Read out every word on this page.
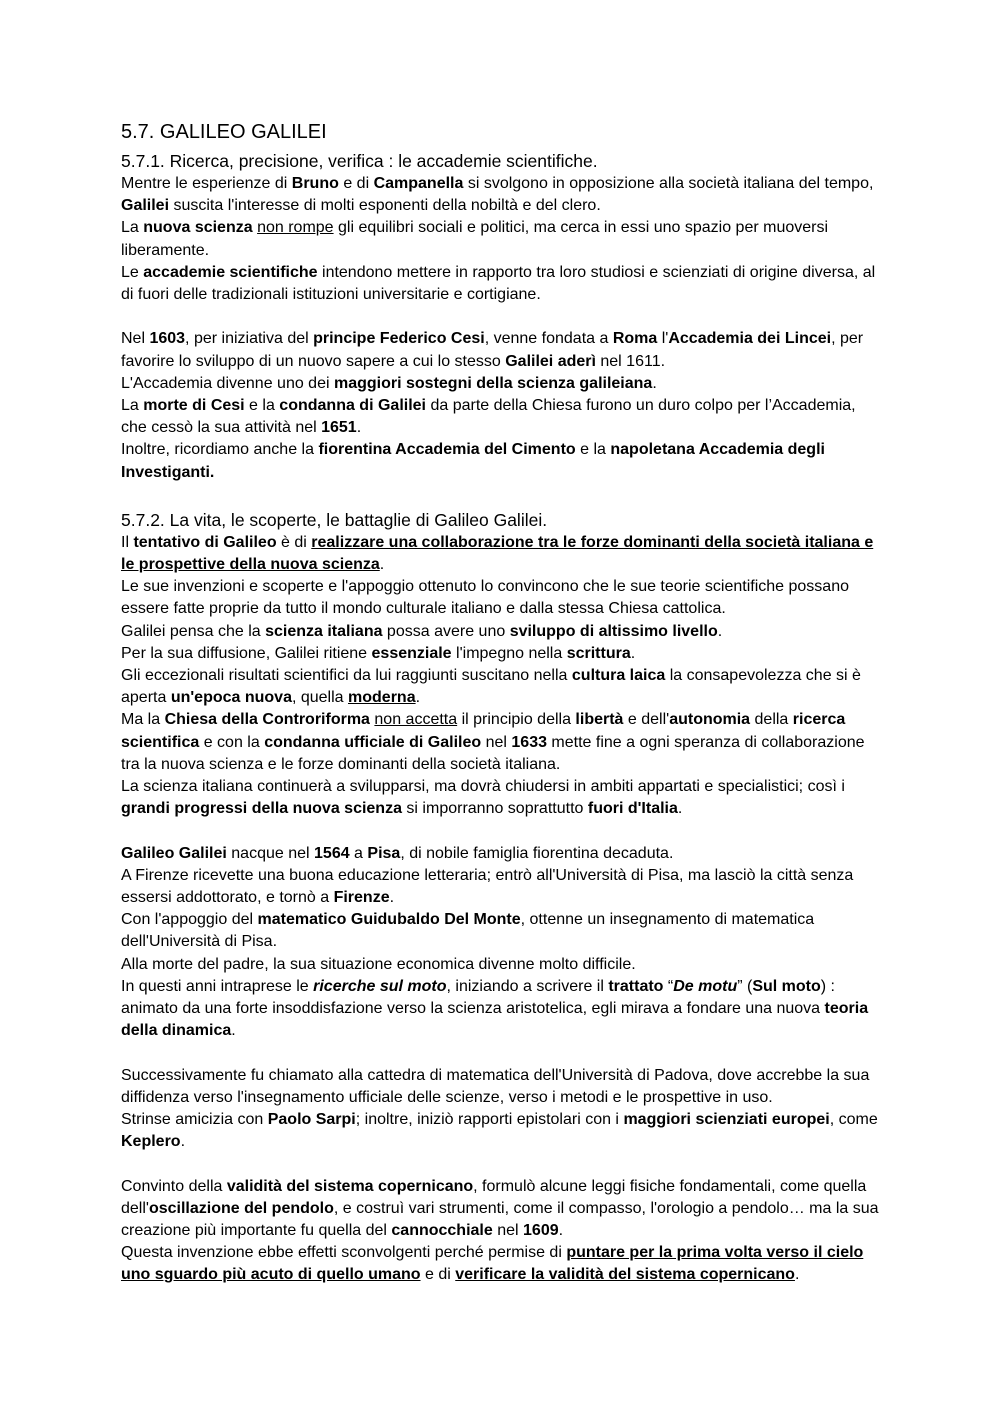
5.7. GALILEO GALILEI
5.7.1. Ricerca, precisione, verifica : le accademie scientifiche.

Mentre le esperienze di Bruno e di Campanella si svolgono in opposizione alla società italiana del tempo, Galilei suscita l'interesse di molti esponenti della nobiltà e del clero.

La nuova scienza non rompe gli equilibri sociali e politici, ma cerca in essi uno spazio per muoversi liberamente.

Le accademie scientifiche intendono mettere in rapporto tra loro studiosi e scienziati di origine diversa, al di fuori delle tradizionali istituzioni universitarie e cortigiane.

Nel 1603, per iniziativa del principe Federico Cesi, venne fondata a Roma l'Accademia dei Lincei, per favorire lo sviluppo di un nuovo sapere a cui lo stesso Galilei aderì nel 1611.

L'Accademia divenne uno dei maggiori sostegni della scienza galileiana.

La morte di Cesi e la condanna di Galilei da parte della Chiesa furono un duro colpo per l’Accademia, che cessò la sua attività nel 1651.

Inoltre, ricordiamo anche la fiorentina Accademia del Cimento e la napoletana Accademia degli Investiganti.

5.7.2. La vita, le scoperte, le battaglie di Galileo Galilei.

Il tentativo di Galileo è di realizzare una collaborazione tra le forze dominanti della società italiana e le prospettive della nuova scienza.

Le sue invenzioni e scoperte e l'appoggio ottenuto lo convincono che le sue teorie scientifiche possano essere fatte proprie da tutto il mondo culturale italiano e dalla stessa Chiesa cattolica.

Galilei pensa che la scienza italiana possa avere uno sviluppo di altissimo livello.

Per la sua diffusione, Galilei ritiene essenziale l'impegno nella scrittura.

Gli eccezionali risultati scientifici da lui raggiunti suscitano nella cultura laica la consapevolezza che si è aperta un'epoca nuova, quella moderna.

Ma la Chiesa della Controriforma non accetta il principio della libertà e dell'autonomia della ricerca scientifica e con la condanna ufficiale di Galileo nel 1633 mette fine a ogni speranza di collaborazione tra la nuova scienza e le forze dominanti della società italiana.

La scienza italiana continuerà a svilupparsi, ma dovrà chiudersi in ambiti appartati e specialistici; così i grandi progressi della nuova scienza si imporranno soprattutto fuori d'Italia.

Galileo Galilei nacque nel 1564 a Pisa, di nobile famiglia fiorentina decaduta.

A Firenze ricevette una buona educazione letteraria; entrò all'Università di Pisa, ma lasciò la città senza essersi addottorato, e tornò a Firenze.

Con l'appoggio del matematico Guidubaldo Del Monte, ottenne un insegnamento di matematica dell'Università di Pisa.

Alla morte del padre, la sua situazione economica divenne molto difficile.

In questi anni intraprese le ricerche sul moto, iniziando a scrivere il trattato “De motu” (Sul moto) : animato da una forte insoddisfazione verso la scienza aristotelica, egli mirava a fondare una nuova teoria della dinamica.

Successivamente fu chiamato alla cattedra di matematica dell'Università di Padova, dove accrebbe la sua diffidenza verso l'insegnamento ufficiale delle scienze, verso i metodi e le prospettive in uso.

Strinse amicizia con Paolo Sarpi; inoltre, iniziò rapporti epistolari con i maggiori scienziati europei, come Keplero.

Convinto della validità del sistema copernicano, formulò alcune leggi fisiche fondamentali, come quella dell'oscillazione del pendolo, e costruì vari strumenti, come il compasso, l'orologio a pendolo… ma la sua creazione più importante fu quella del cannocchiale nel 1609.

Questa invenzione ebbe effetti sconvolgenti perché permise di puntare per la prima volta verso il cielo uno sguardo più acuto di quello umano e di verificare la validità del sistema copernicano.
